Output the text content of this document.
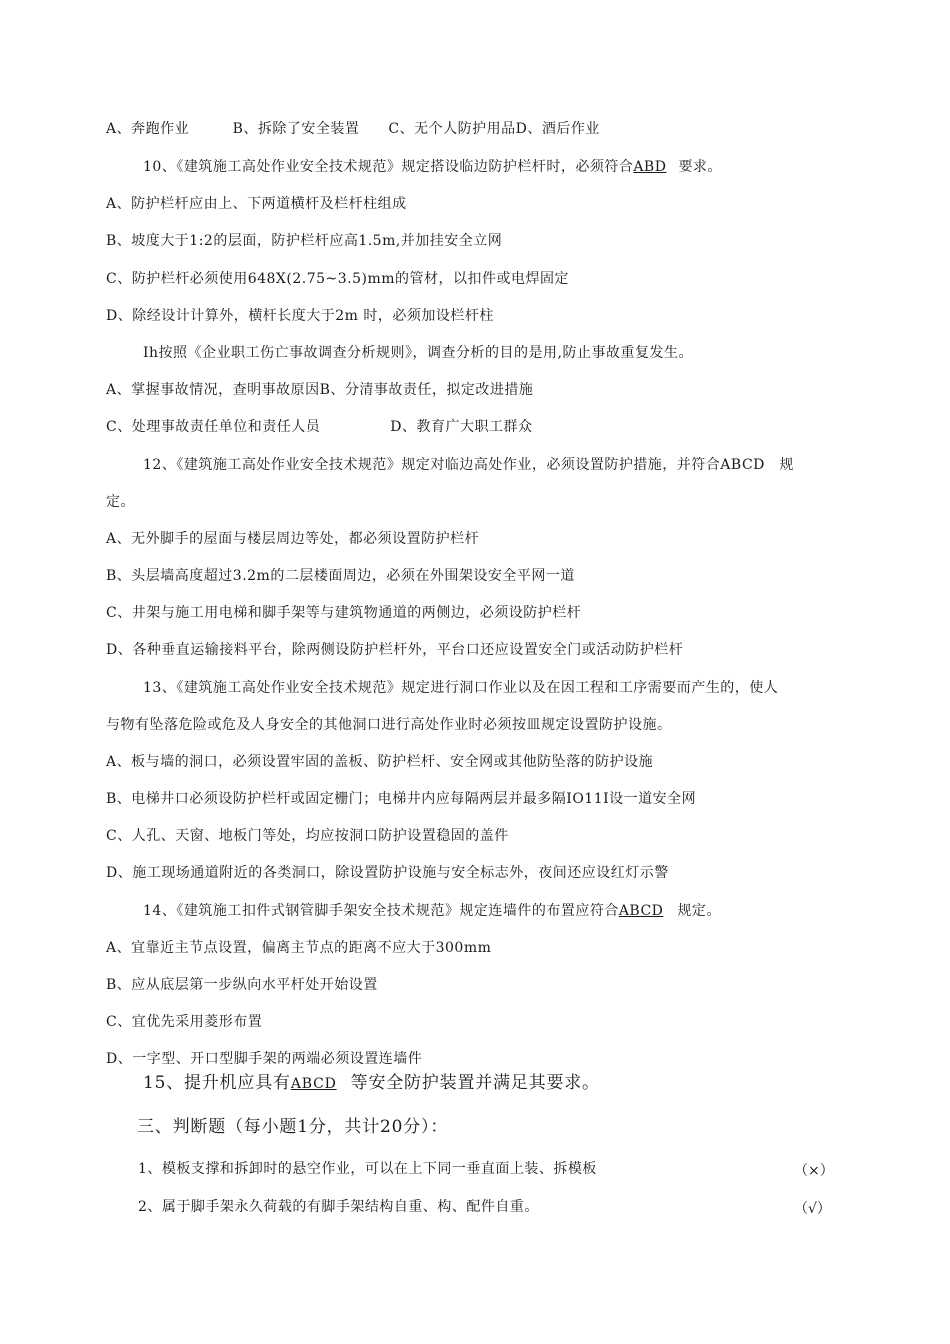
A、奔跑作业　　　B、拆除了安全装置　　C、无个人防护用品D、酒后作业
10、《建筑施工高处作业安全技术规范》规定搭设临边防护栏杆时，必须符合ABD 要求。
A、防护栏杆应由上、下两道横杆及栏杆柱组成
B、坡度大于1:2的层面，防护栏杆应高1.5m,并加挂安全立网
C、防护栏杆必须使用648X(2.75~3.5)mm的管材，以扣件或电焊固定
D、除经设计计算外，横杆长度大于2m 时，必须加设栏杆柱
Ih按照《企业职工伤亡事故调查分析规则》，调查分析的目的是用,防止事故重复发生。
A、掌握事故情况，查明事故原因B、分清事故责任，拟定改进措施
C、处理事故责任单位和责任人员	D、教育广大职工群众
12、《建筑施工高处作业安全技术规范》规定对临边高处作业，必须设置防护措施，并符合ABCD　规
定。
A、无外脚手的屋面与楼层周边等处，都必须设置防护栏杆
B、头层墙高度超过3.2m的二层楼面周边，必须在外围架设安全平网一道
C、井架与施工用电梯和脚手架等与建筑物通道的两侧边，必须设防护栏杆
D、各种垂直运输接料平台，除两侧设防护栏杆外，平台口还应设置安全门或活动防护栏杆
13、《建筑施工高处作业安全技术规范》规定进行洞口作业以及在因工程和工序需要而产生的，使人
与物有坠落危险或危及人身安全的其他洞口进行高处作业时必须按皿规定设置防护设施。
A、板与墙的洞口，必须设置牢固的盖板、防护栏杆、安全网或其他防坠落的防护设施
B、电梯井口必须设防护栏杆或固定栅门；电梯井内应每隔两层并最多隔IO11I设一道安全网
C、人孔、天窗、地板门等处，均应按洞口防护设置稳固的盖件
D、施工现场通道附近的各类洞口，除设置防护设施与安全标志外，夜间还应设红灯示警
14、《建筑施工扣件式钢管脚手架安全技术规范》规定连墙件的布置应符合ABCD 规定。
A、宜靠近主节点设置，偏离主节点的距离不应大于300mm
B、应从底层第一步纵向水平杆处开始设置
C、宜优先采用菱形布置
D、一字型、开口型脚手架的两端必须设置连墙件
15、提升机应具有ABCD 等安全防护装置并满足其要求。
三、判断题（每小题1分，共计20分）：
1、模板支撑和拆卸时的悬空作业，可以在上下同一垂直面上装、拆模板	（×）
2、属于脚手架永久荷载的有脚手架结构自重、构、配件自重。	（√）
